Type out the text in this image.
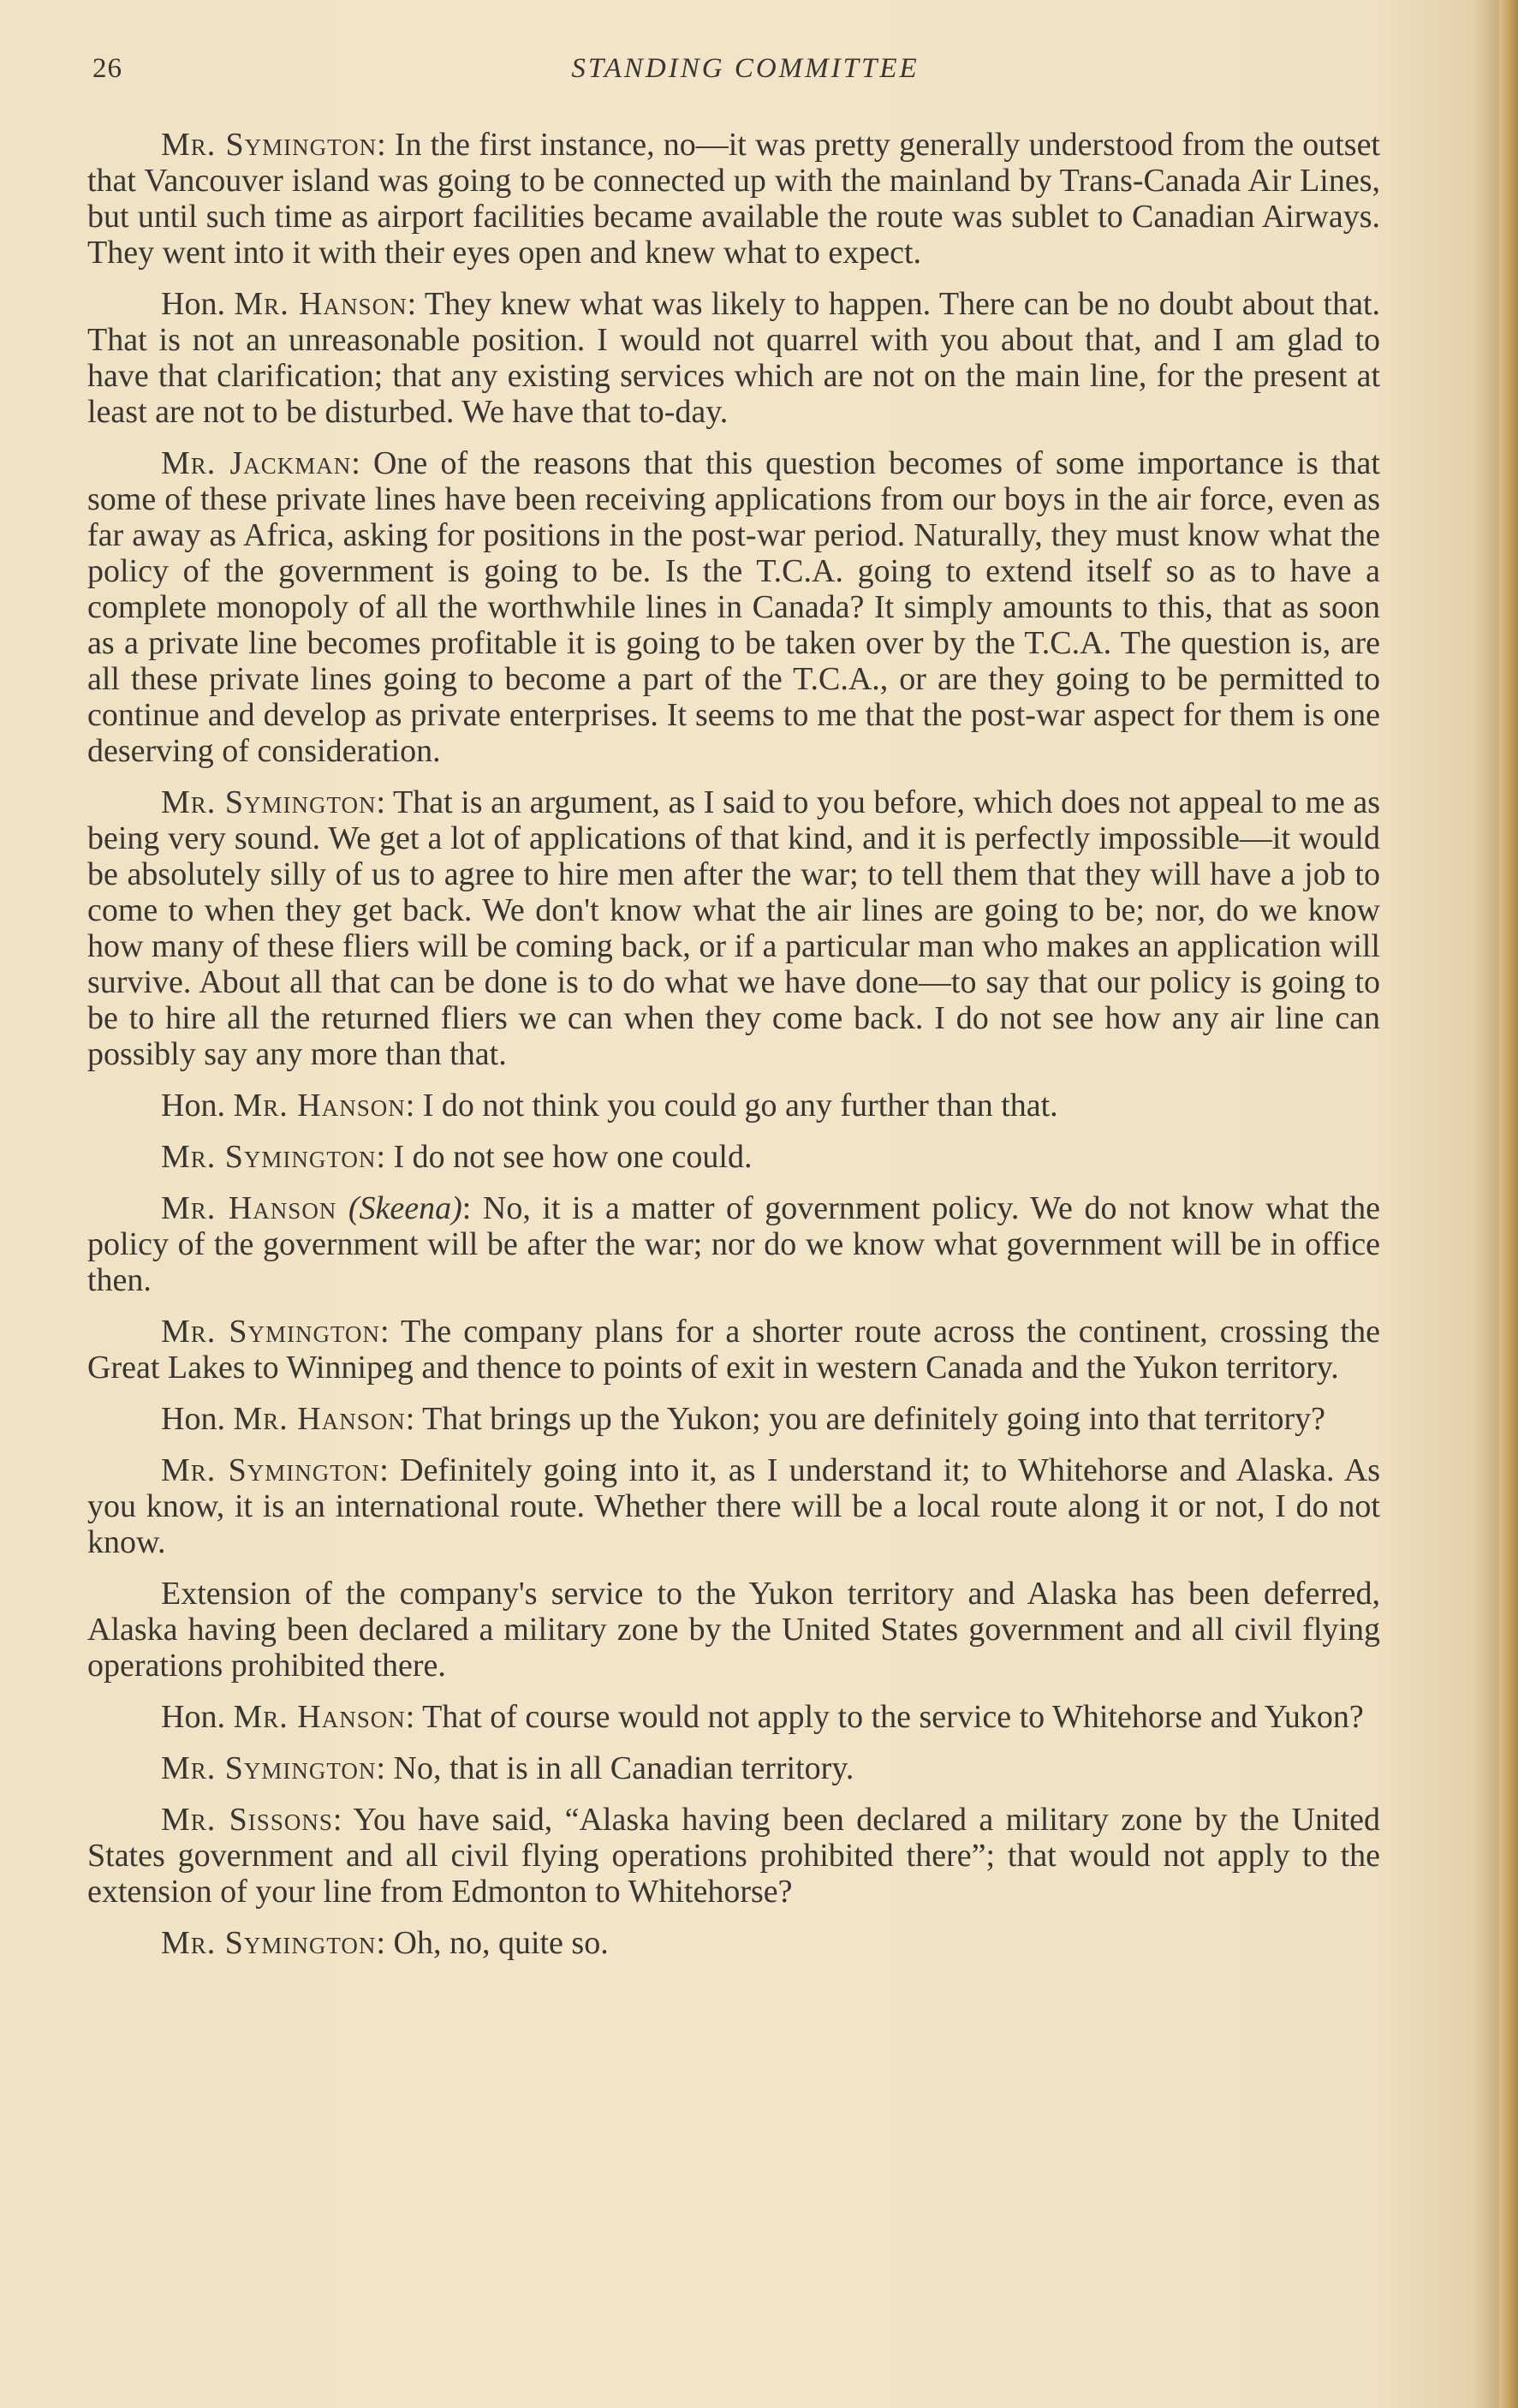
26	STANDING COMMITTEE

Mr. Symington: In the first instance, no—it was pretty generally understood from the outset that Vancouver island was going to be connected up with the mainland by Trans-Canada Air Lines, but until such time as airport facilities became available the route was sublet to Canadian Airways. They went into it with their eyes open and knew what to expect.

Hon. Mr. Hanson: They knew what was likely to happen. There can be no doubt about that. That is not an unreasonable position. I would not quarrel with you about that, and I am glad to have that clarification; that any existing services which are not on the main line, for the present at least are not to be disturbed. We have that to-day.

Mr. Jackman: One of the reasons that this question becomes of some importance is that some of these private lines have been receiving applications from our boys in the air force, even as far away as Africa, asking for positions in the post-war period. Naturally, they must know what the policy of the government is going to be. Is the T.C.A. going to extend itself so as to have a complete monopoly of all the worthwhile lines in Canada? It simply amounts to this, that as soon as a private line becomes profitable it is going to be taken over by the T.C.A. The question is, are all these private lines going to become a part of the T.C.A., or are they going to be permitted to continue and develop as private enterprises. It seems to me that the post-war aspect for them is one deserving of consideration.

Mr. Symington: That is an argument, as I said to you before, which does not appeal to me as being very sound. We get a lot of applications of that kind, and it is perfectly impossible—it would be absolutely silly of us to agree to hire men after the war; to tell them that they will have a job to come to when they get back. We don't know what the air lines are going to be; nor, do we know how many of these fliers will be coming back, or if a particular man who makes an application will survive. About all that can be done is to do what we have done—to say that our policy is going to be to hire all the returned fliers we can when they come back. I do not see how any air line can possibly say any more than that.

Hon. Mr. Hanson: I do not think you could go any further than that.

Mr. Symington: I do not see how one could.

Mr. Hanson (Skeena): No, it is a matter of government policy. We do not know what the policy of the government will be after the war; nor do we know what government will be in office then.

Mr. Symington: The company plans for a shorter route across the continent, crossing the Great Lakes to Winnipeg and thence to points of exit in western Canada and the Yukon territory.

Hon. Mr. Hanson: That brings up the Yukon; you are definitely going into that territory?

Mr. Symington: Definitely going into it, as I understand it; to Whitehorse and Alaska. As you know, it is an international route. Whether there will be a local route along it or not, I do not know.

Extension of the company's service to the Yukon territory and Alaska has been deferred, Alaska having been declared a military zone by the United States government and all civil flying operations prohibited there.

Hon. Mr. Hanson: That of course would not apply to the service to Whitehorse and Yukon?

Mr. Symington: No, that is in all Canadian territory.

Mr. Sissons: You have said, “Alaska having been declared a military zone by the United States government and all civil flying operations prohibited there”; that would not apply to the extension of your line from Edmonton to Whitehorse?

Mr. Symington: Oh, no, quite so.
